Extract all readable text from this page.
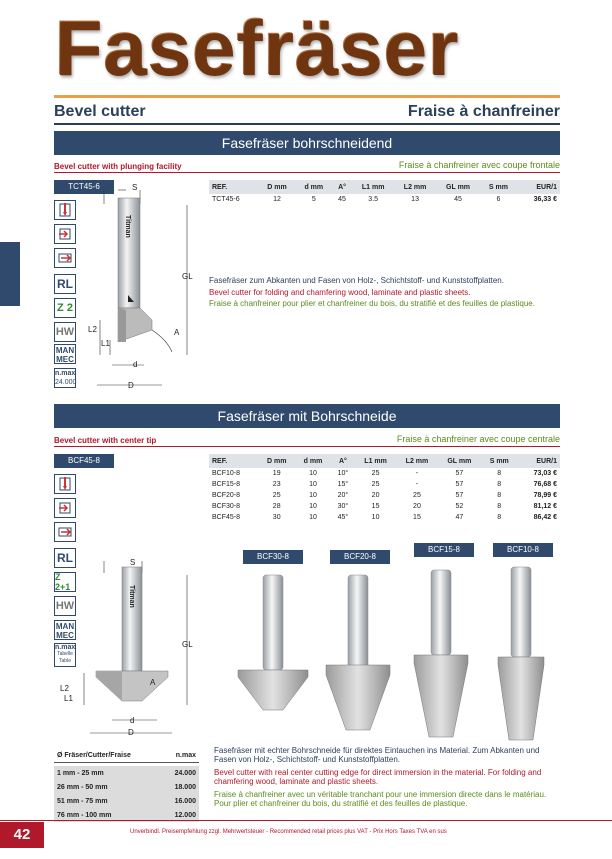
Fasefräser
Bevel cutter	Fraise à chanfreiner
Fasefräser bohrschneidend
Bevel cutter with plunging facility	Fraise à chanfreiner avec coupe frontale
TCT45-6
RL
Z 2
HW
MAN
MEC
n.max
24.000
Titman
S
GL
L2
L1
A
d
D
REF.	D mm	d mm	A°	L1 mm	L2 mm	GL mm	S mm	EUR/1
TCT45-6	12	5	45	3.5	13	45	6	36,33 €
Fasefräser zum Abkanten und Fasen von Holz-, Schichtstoff- und Kunststoffplatten.
Bevel cutter for folding and chamfering wood, laminate and plastic sheets.
Fraise à chanfreiner pour plier et chanfreiner du bois, du stratifié et des feuilles de plastique.
Fasefräser mit Bohrschneide
Bevel cutter with center tip	Fraise à chanfreiner avec coupe centrale
BCF45-8
RL
Z 2+1
HW
MAN
MEC
n.max
Tabelle
Table
REF.	D mm	d mm	A°	L1 mm	L2 mm	GL mm	S mm	EUR/1
BCF10-8	19	10	10°	25	-	57	8	73,03 €
BCF15-8	23	10	15°	25	-	57	8	76,68 €
BCF20-8	25	10	20°	20	25	57	8	78,99 €
BCF30-8	28	10	30°	15	20	52	8	81,12 €
BCF45-8	30	10	45°	10	15	47	8	86,42 €
Titman
S
GL
L2
L1
A
d
D
BCF30-8	BCF20-8
BCF15-8	BCF10-8
Ø Fräser/Cutter/Fraise	n.max

1 mm - 25 mm	24.000
26 mm - 50 mm	18.000
51 mm - 75 mm	16.000
76 mm - 100 mm	12.000
Fasefräser mit echter Bohrschneide für direktes Eintauchen ins Material. Zum Abkanten und Fasen von Holz-, Schichtstoff- und Kunststoffplatten.
Bevel cutter with real center cutting edge for direct immersion in the material. For folding and chamfering wood, laminate and plastic sheets.
Fraise à chanfreiner avec un véritable tranchant pour une immersion directe dans le matériau. Pour plier et chanfreiner du bois, du stratifié et des feuilles de plastique.
42	Unverbindl. Preisempfehlung zzgl. Mehrwertsteuer - Recommended retail prices plus VAT - Prix Hors Taxes TVA en sus
